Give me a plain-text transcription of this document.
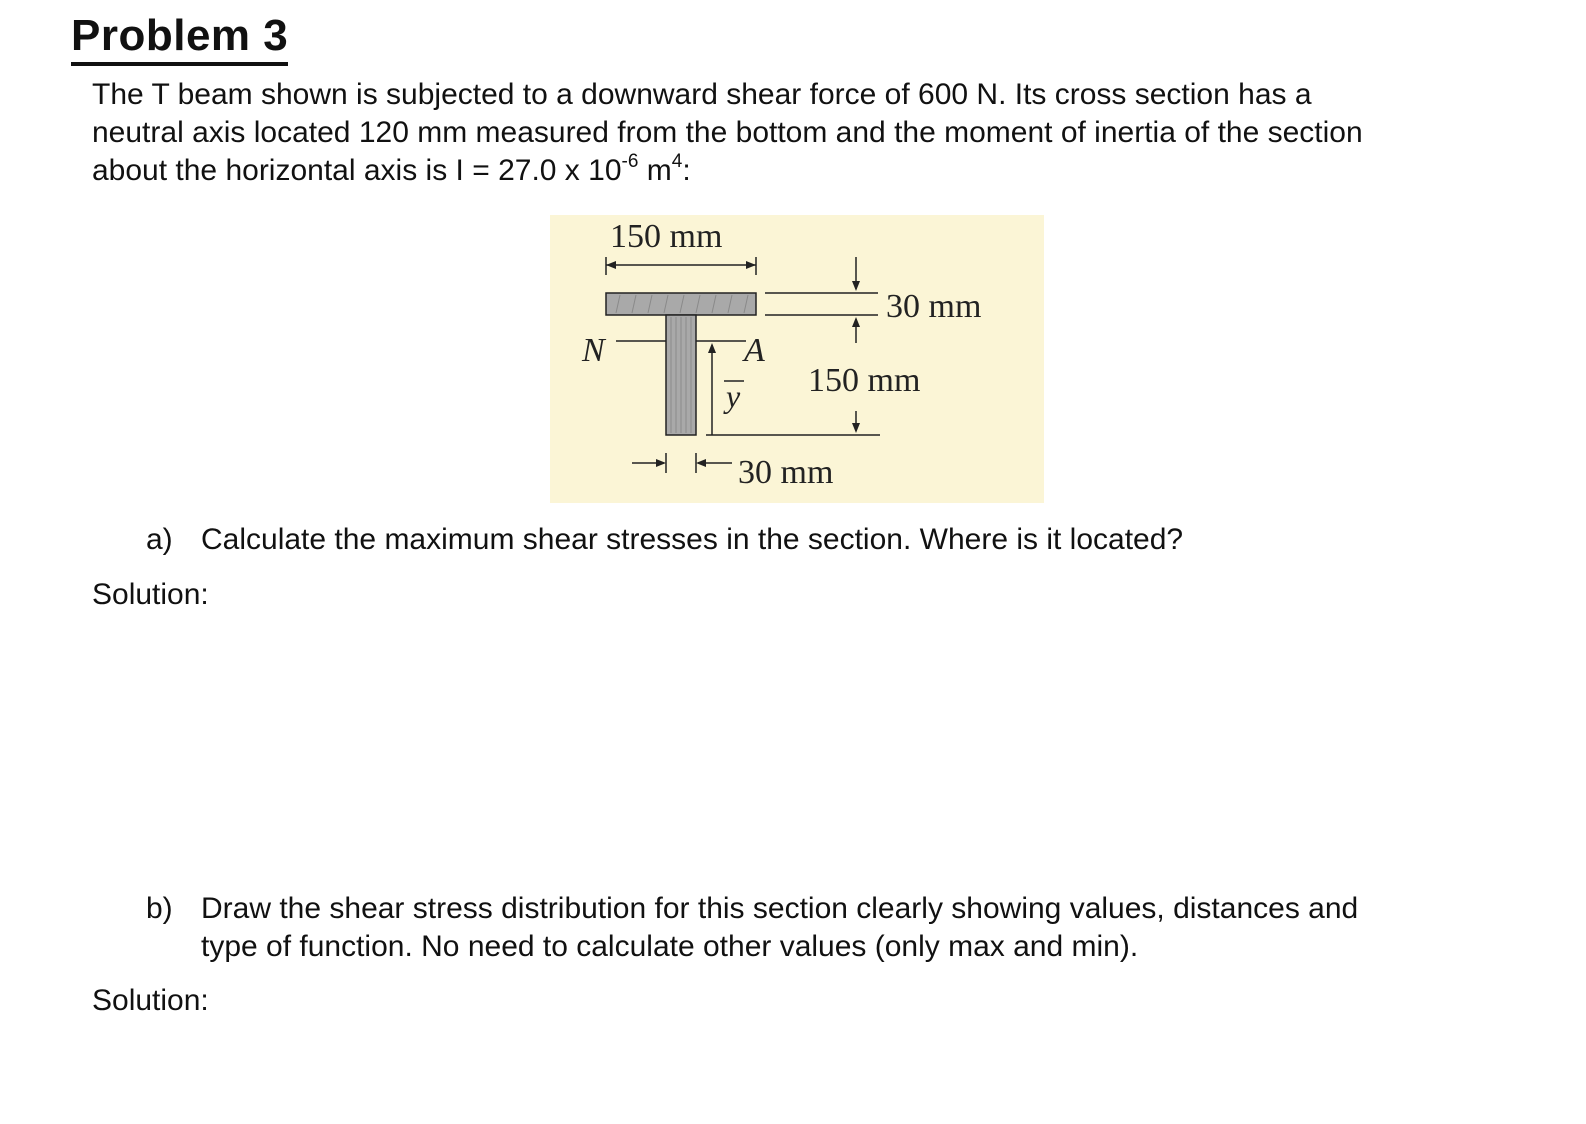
Problem 3

The T beam shown is subjected to a downward shear force of 600 N. Its cross section has a
neutral axis located 120 mm measured from the bottom and the moment of inertia of the section
about the horizontal axis is I = 27.0 x $10^{-6}$ $m^4$:

150 mm
30 mm
N	A
y 150 mm
30 mm
a) Calculate the maximum shear stresses in the section. Where is it located?

Solution:

b) Draw the shear stress distribution for this section clearly showing values, distances and
type of function. No need to calculate other values (only max and min).

Solution:
